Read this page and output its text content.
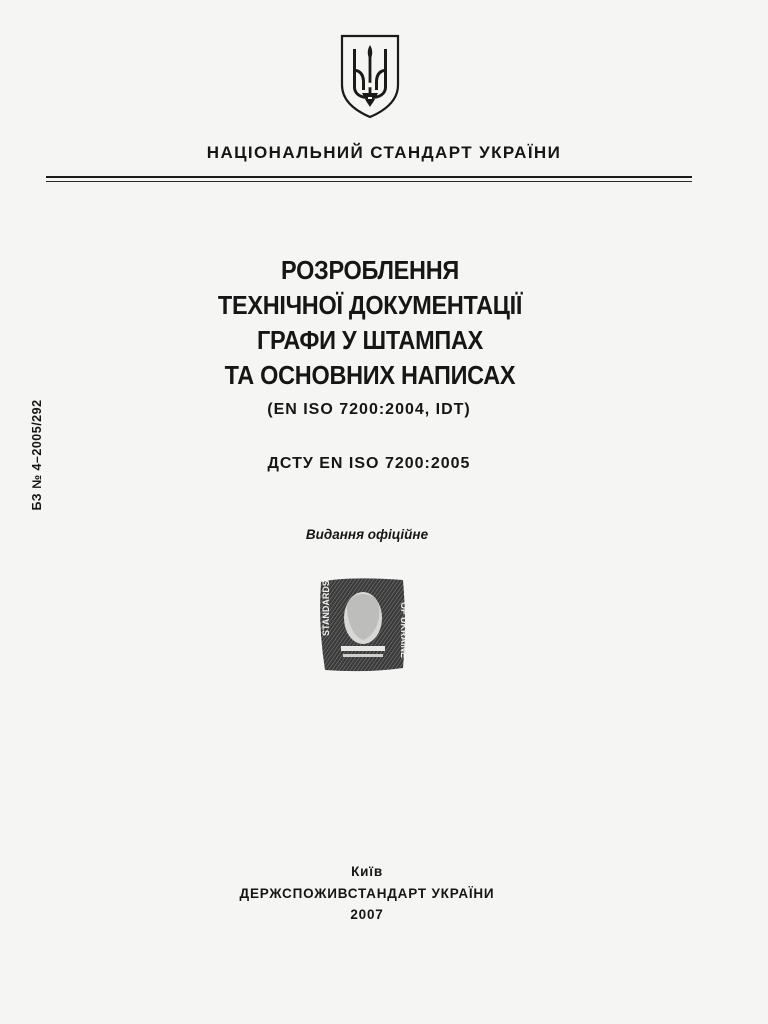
НАЦІОНАЛЬНИЙ СТАНДАРТ УКРАЇНИ
РОЗРОБЛЕННЯ
ТЕХНІЧНОЇ ДОКУМЕНТАЦІЇ
ГРАФИ У ШТАМПАХ
ТА ОСНОВНИХ НАПИСАХ
(EN ISO 7200:2004, IDT)
ДСТУ EN ISO 7200:2005
Видання офіційне
БЗ № 4–2005/292
STANDARDS	OF UKRAINE
Київ
ДЕРЖСПОЖИВСТАНДАРТ УКРАЇНИ
2007
